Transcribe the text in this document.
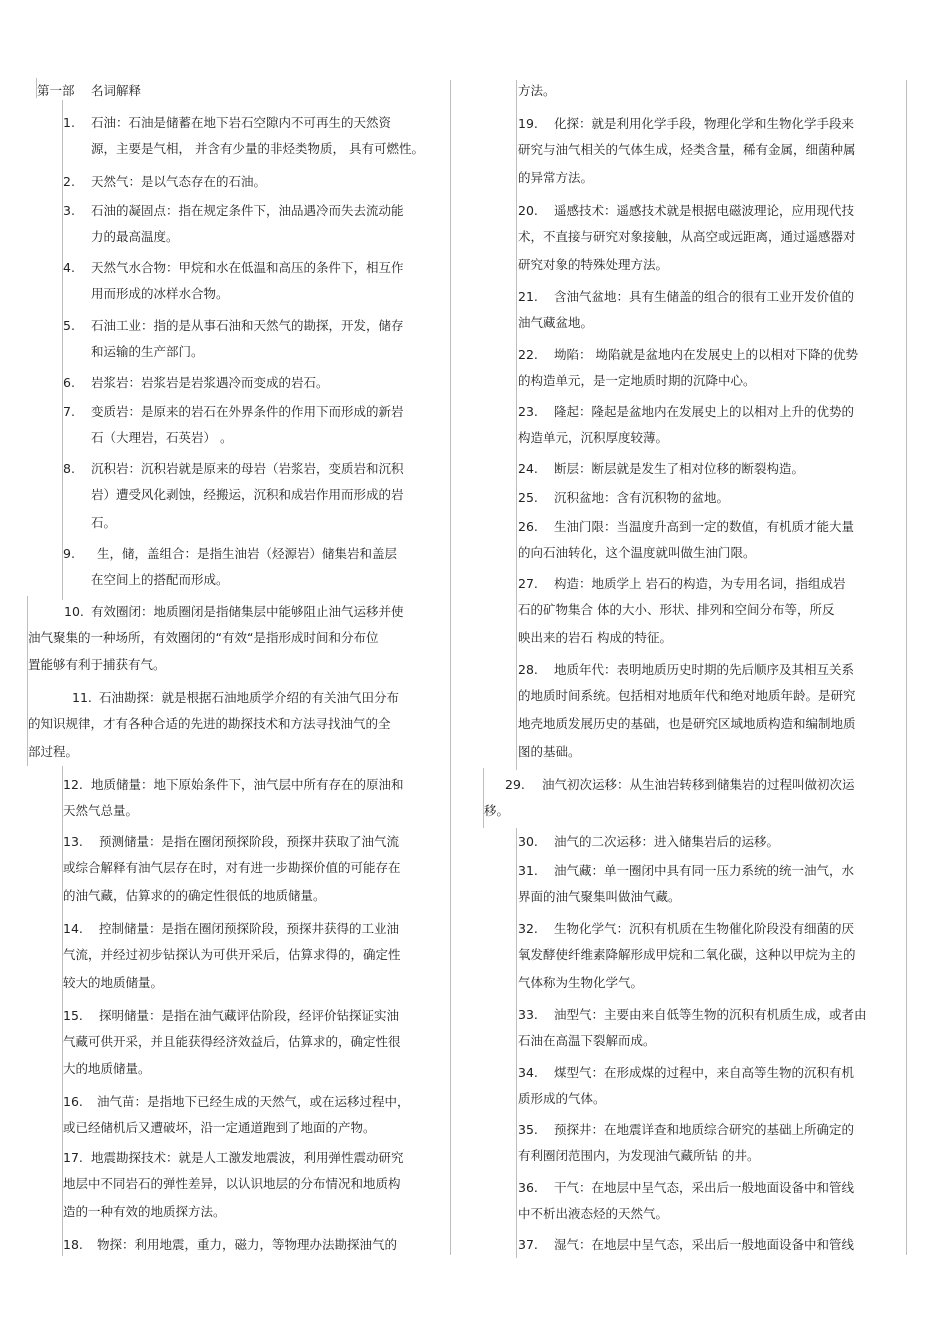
第一部　 名词解释
1. 石油：石油是储蓄在地下岩石空隙内不可再生的天然资
源，主要是气相， 并含有少量的非烃类物质， 具有可燃性。
2. 天然气：是以气态存在的石油。
3. 石油的凝固点：指在规定条件下，油品遇冷而失去流动能
力的最高温度。
4. 天然气水合物：甲烷和水在低温和高压的条件下，相互作
用而形成的冰样水合物。
5. 石油工业：指的是从事石油和天然气的勘探，开发，储存
和运输的生产部门。
6. 岩浆岩：岩浆岩是岩浆遇冷而变成的岩石。
7. 变质岩：是原来的岩石在外界条件的作用下而形成的新岩
石（大理岩，石英岩） 。
8. 沉积岩：沉积岩就是原来的母岩（岩浆岩，变质岩和沉积
岩）遭受风化剥蚀，经搬运，沉积和成岩作用而形成的岩
石。
9. 生，储，盖组合：是指生油岩（烃源岩）储集岩和盖层
在空间上的搭配而形成。
10. 有效圈闭：地质圈闭是指储集层中能够阻止油气运移并使
油气聚集的一种场所，有效圈闭的“有效“是指形成时间和分布位
置能够有利于捕获有气。
11. 石油勘探：就是根据石油地质学介绍的有关油气田分布
的知识规律，才有各种合适的先进的勘探技术和方法寻找油气的全
部过程。
12. 地质储量：地下原始条件下，油气层中所有存在的原油和
天然气总量。
13. 预测储量：是指在圈闭预探阶段，预探井获取了油气流
或综合解释有油气层存在时，对有进一步勘探价值的可能存在
的油气藏，估算求的的确定性很低的地质储量。
14. 控制储量：是指在圈闭预探阶段，预探井获得的工业油
气流，并经过初步钻探认为可供开采后，估算求得的，确定性
较大的地质储量。
15. 探明储量：是指在油气藏评估阶段，经评价钻探证实油
气藏可供开采，并且能获得经济效益后，估算求的，确定性很
大的地质储量。
16. 油气苗：是指地下已经生成的天然气，或在运移过程中，
或已经储机后又遭破坏，沿一定通道跑到了地面的产物。
17. 地震勘探技术：就是人工激发地震波，利用弹性震动研究
地层中不同岩石的弹性差异，以认识地层的分布情况和地质构
造的一种有效的地质探方法。
18. 物探：利用地震，重力，磁力，等物理办法勘探油气的
方法。
19. 化探：就是利用化学手段，物理化学和生物化学手段来
研究与油气相关的气体生成，烃类含量，稀有金属，细菌种属
的异常方法。
20. 遥感技术：遥感技术就是根据电磁波理论，应用现代技
术，不直接与研究对象接触，从高空或远距离，通过遥感器对
研究对象的特殊处理方法。
21. 含油气盆地：具有生储盖的组合的很有工业开发价值的
油气藏盆地。
22. 坳陷： 坳陷就是盆地内在发展史上的以相对下降的优势
的构造单元，是一定地质时期的沉降中心。
23. 隆起：隆起是盆地内在发展史上的以相对上升的优势的
构造单元，沉积厚度较薄。
24. 断层：断层就是发生了相对位移的断裂构造。
25. 沉积盆地：含有沉积物的盆地。
26. 生油门限：当温度升高到一定的数值，有机质才能大量
的向石油转化，这个温度就叫做生油门限。
27. 构造：地质学上 岩石的构造，为专用名词，指组成岩
石的矿物集合 体的大小、形状、排列和空间分布等，所反
映出来的岩石 构成的特征。
28. 地质年代：表明地质历史时期的先后顺序及其相互关系
的地质时间系统。包括相对地质年代和绝对地质年龄。是研究
地壳地质发展历史的基础，也是研究区域地质构造和编制地质
图的基础。
29. 油气初次运移：从生油岩转移到储集岩的过程叫做初次运
移。
30. 油气的二次运移：进入储集岩后的运移。
31. 油气藏：单一圈闭中具有同一压力系统的统一油气，水
界面的油气聚集叫做油气藏。
32. 生物化学气：沉积有机质在生物催化阶段没有细菌的厌
氧发酵使纤维素降解形成甲烷和二氧化碳，这种以甲烷为主的
气体称为生物化学气。
33. 油型气：主要由来自低等生物的沉积有机质生成，或者由
石油在高温下裂解而成。
34. 煤型气：在形成煤的过程中，来自高等生物的沉积有机
质形成的气体。
35. 预探井：在地震详查和地质综合研究的基础上所确定的
有利圈闭范围内，为发现油气藏所钻 的井。
36. 干气：在地层中呈气态，采出后一般地面设备中和管线
中不析出液态烃的天然气。
37. 湿气：在地层中呈气态，采出后一般地面设备中和管线
